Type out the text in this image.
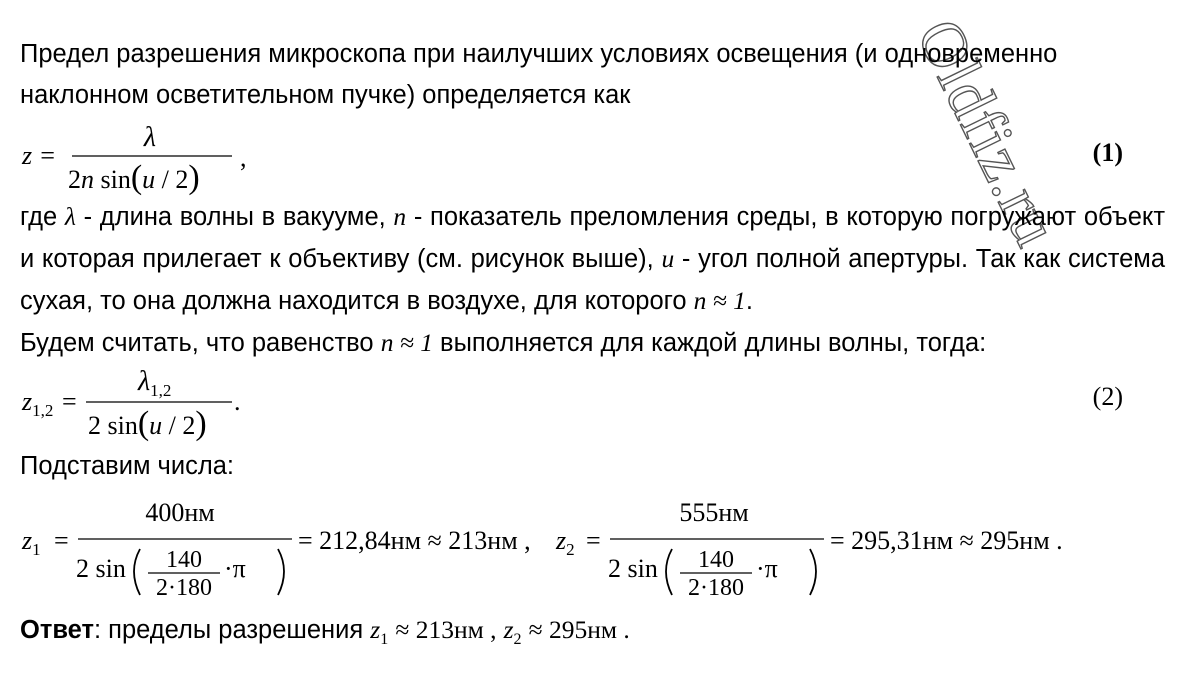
Oldfiz.ru

Предел разрешения микроскопа при наилучших условиях освещения (и одновременно
наклонном осветительном пучке) определяется как

z =
λ
2n sin(u / 2)
,	(1)

где λ - длина волны в вакууме, n - показатель преломления среды, в которую погружают объект и которая прилегает к объективу (см. рисунок выше), u - угол полной апертуры. Так как система сухая, то она должна находится в воздухе, для которого n ≈ 1.
Будем считать, что равенство n ≈ 1 выполняется для каждой длины волны, тогда:

$z_{1,2}$ =
$\lambda_{1,2}$
2 sin(u / 2)
.	(2)

Подставим числа:

$z_1$ =
400нм
2 sin 140
2·180
·π
= 212,84нм ≈ 213нм , $z_2$ =
555нм
2 sin 140
2·180
·π
= 295,31нм ≈ 295нм .
Ответ: пределы разрешения $z_1 \approx 213нм$ , $z_2 \approx 295нм$ .
